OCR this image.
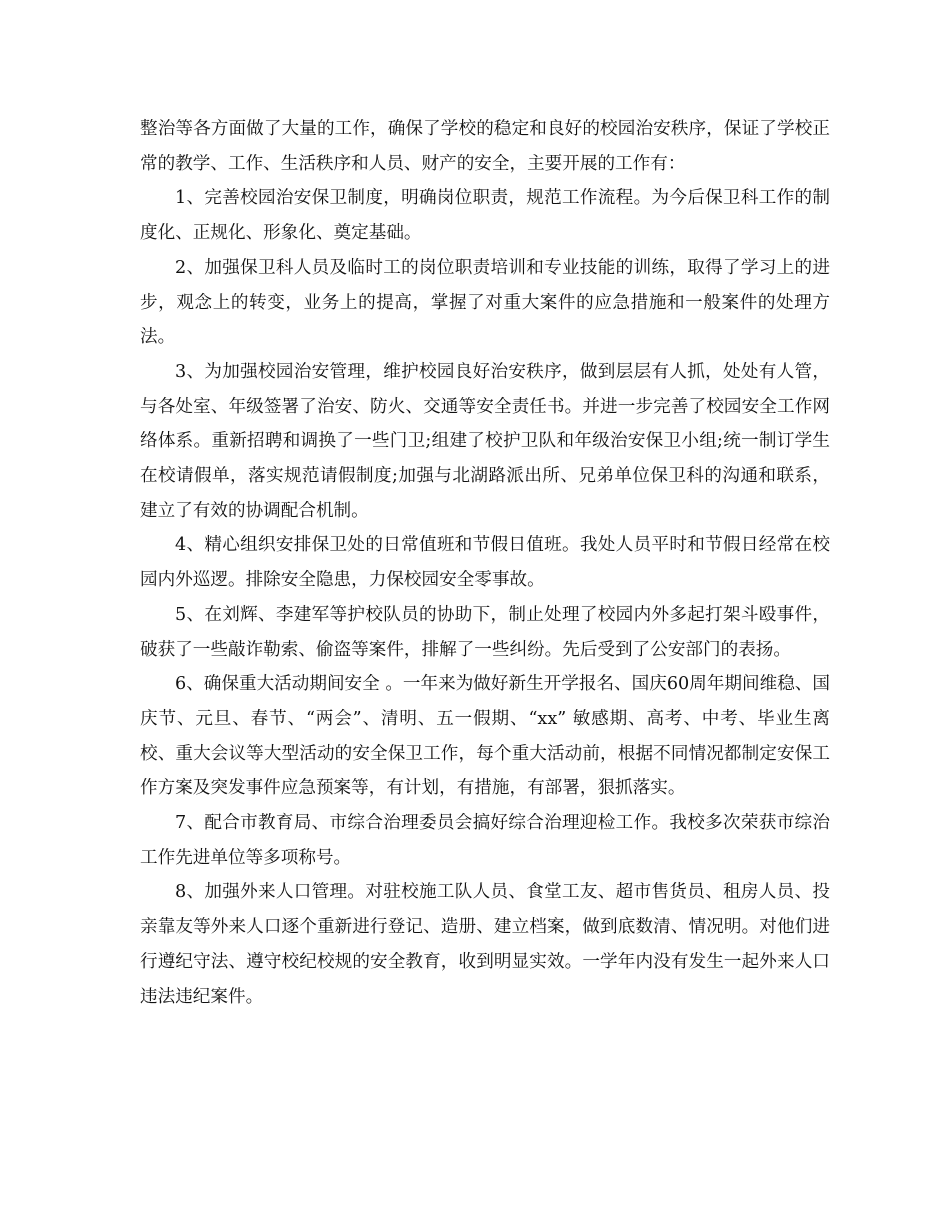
整治等各方面做了大量的工作，确保了学校的稳定和良好的校园治安秩序，保证了学校正常的教学、工作、生活秩序和人员、财产的安全，主要开展的工作有：

1、完善校园治安保卫制度，明确岗位职责，规范工作流程。为今后保卫科工作的制度化、正规化、形象化、奠定基础。

2、加强保卫科人员及临时工的岗位职责培训和专业技能的训练，取得了学习上的进步，观念上的转变，业务上的提高，掌握了对重大案件的应急措施和一般案件的处理方法。

3、为加强校园治安管理，维护校园良好治安秩序，做到层层有人抓，处处有人管，与各处室、年级签署了治安、防火、交通等安全责任书。并进一步完善了校园安全工作网络体系。重新招聘和调换了一些门卫;组建了校护卫队和年级治安保卫小组;统一制订学生在校请假单，落实规范请假制度;加强与北湖路派出所、兄弟单位保卫科的沟通和联系，建立了有效的协调配合机制。

4、精心组织安排保卫处的日常值班和节假日值班。我处人员平时和节假日经常在校园内外巡逻。排除安全隐患，力保校园安全零事故。

5、在刘辉、李建军等护校队员的协助下，制止处理了校园内外多起打架斗殴事件，破获了一些敲诈勒索、偷盗等案件，排解了一些纠纷。先后受到了公安部门的表扬。

6、确保重大活动期间安全 。一年来为做好新生开学报名、国庆60周年期间维稳、国庆节、元旦、春节、“两会”、清明、五一假期、“xx” 敏感期、高考、中考、毕业生离校、重大会议等大型活动的安全保卫工作，每个重大活动前，根据不同情况都制定安保工作方案及突发事件应急预案等，有计划，有措施，有部署，狠抓落实。

7、配合市教育局、市综合治理委员会搞好综合治理迎检工作。我校多次荣获市综治工作先进单位等多项称号。

8、加强外来人口管理。对驻校施工队人员、食堂工友、超市售货员、租房人员、投亲靠友等外来人口逐个重新进行登记、造册、建立档案，做到底数清、情况明。对他们进行遵纪守法、遵守校纪校规的安全教育，收到明显实效。一学年内没有发生一起外来人口违法违纪案件。
